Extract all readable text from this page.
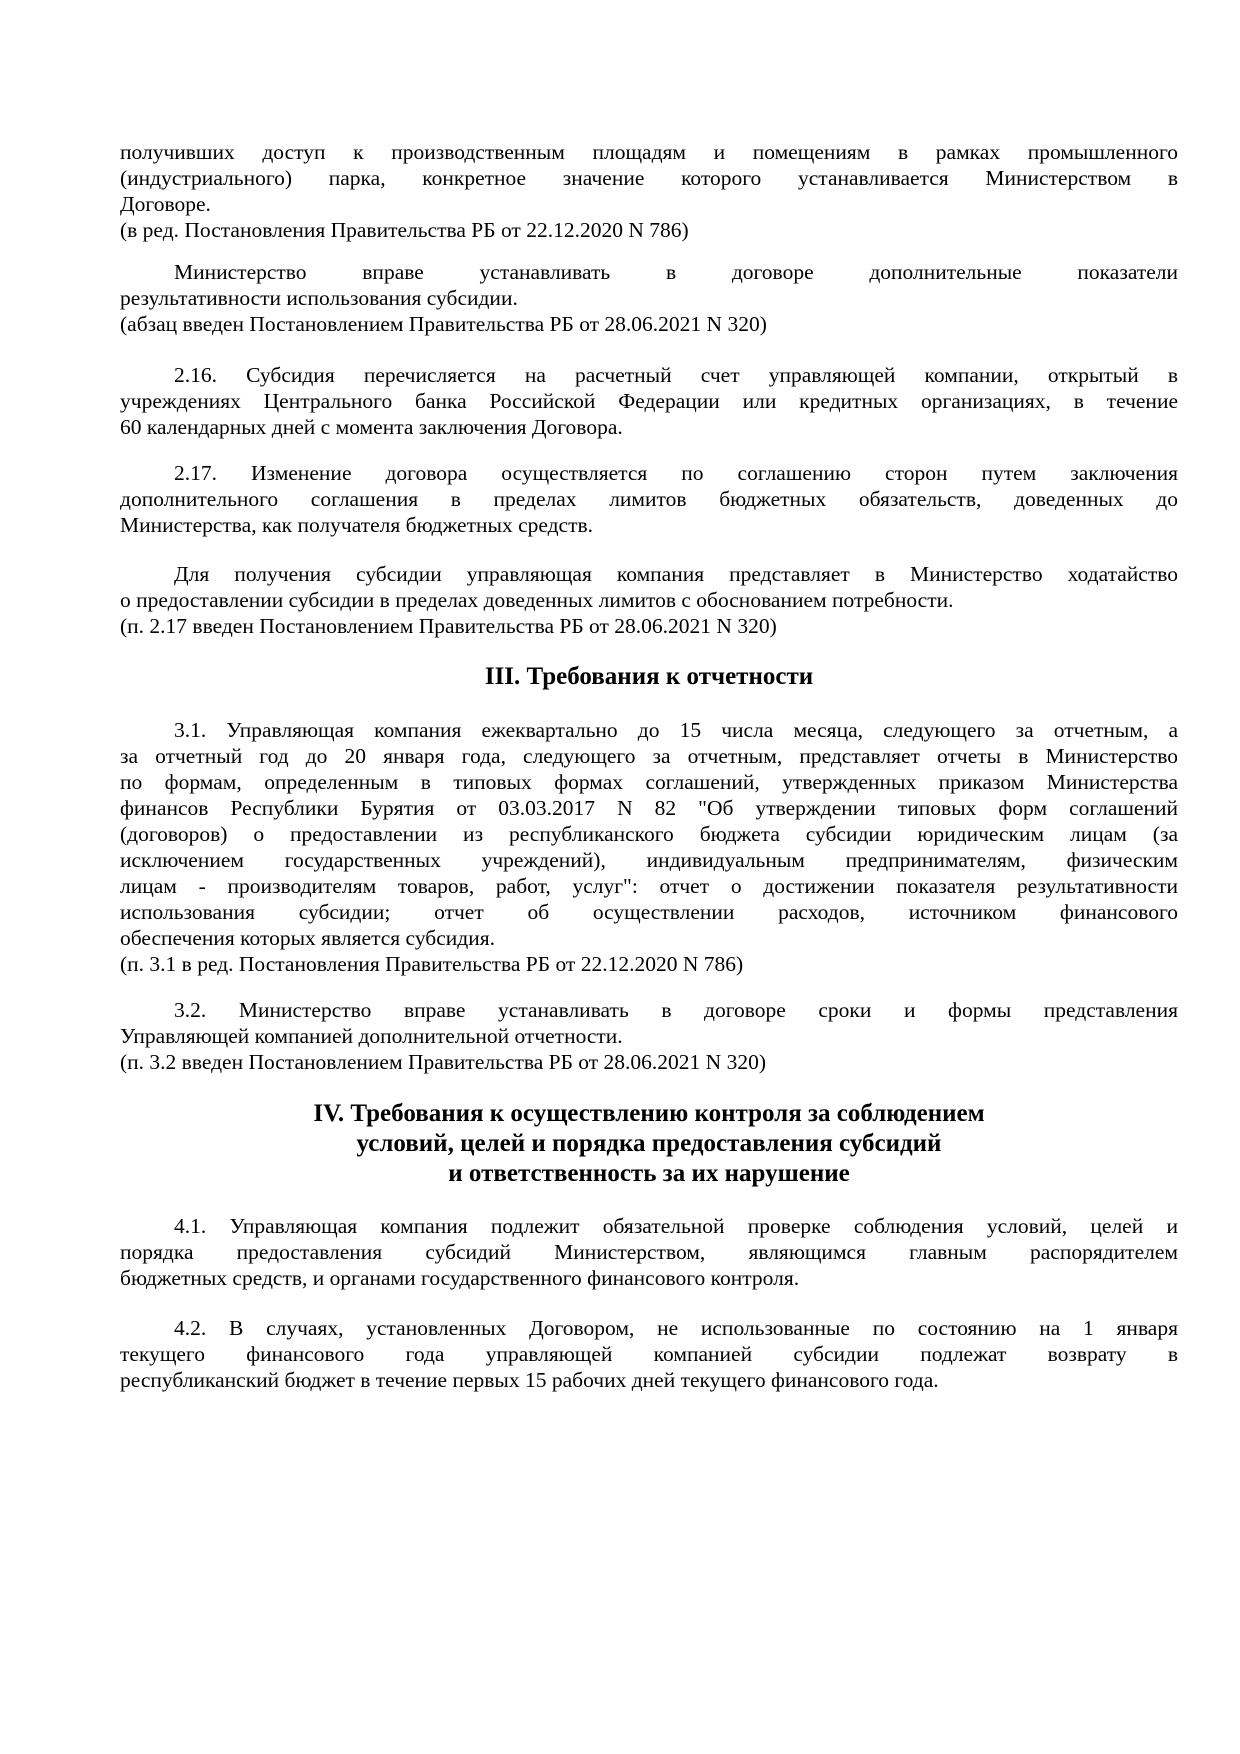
получивших доступ к производственным площадям и помещениям в рамках промышленного
(индустриального) парка, конкретное значение которого устанавливается Министерством в
Договоре.
(в ред. Постановления Правительства РБ от 22.12.2020 N 786)
Министерство вправе устанавливать в договоре дополнительные показатели
результативности использования субсидии.
(абзац введен Постановлением Правительства РБ от 28.06.2021 N 320)
2.16. Субсидия перечисляется на расчетный счет управляющей компании, открытый в
учреждениях Центрального банка Российской Федерации или кредитных организациях, в течение
60 календарных дней с момента заключения Договора.
2.17. Изменение договора осуществляется по соглашению сторон путем заключения
дополнительного соглашения в пределах лимитов бюджетных обязательств, доведенных до
Министерства, как получателя бюджетных средств.
Для получения субсидии управляющая компания представляет в Министерство ходатайство
о предоставлении субсидии в пределах доведенных лимитов с обоснованием потребности.
(п. 2.17 введен Постановлением Правительства РБ от 28.06.2021 N 320)
III. Требования к отчетности
3.1. Управляющая компания ежеквартально до 15 числа месяца, следующего за отчетным, а
за отчетный год до 20 января года, следующего за отчетным, представляет отчеты в Министерство
по формам, определенным в типовых формах соглашений, утвержденных приказом Министерства
финансов Республики Бурятия от 03.03.2017 N 82 "Об утверждении типовых форм соглашений
(договоров) о предоставлении из республиканского бюджета субсидии юридическим лицам (за
исключением государственных учреждений), индивидуальным предпринимателям, физическим
лицам - производителям товаров, работ, услуг": отчет о достижении показателя результативности
использования субсидии; отчет об осуществлении расходов, источником финансового
обеспечения которых является субсидия.
(п. 3.1 в ред. Постановления Правительства РБ от 22.12.2020 N 786)
3.2. Министерство вправе устанавливать в договоре сроки и формы представления
Управляющей компанией дополнительной отчетности.
(п. 3.2 введен Постановлением Правительства РБ от 28.06.2021 N 320)
IV. Требования к осуществлению контроля за соблюдением
условий, целей и порядка предоставления субсидий
и ответственность за их нарушение
4.1. Управляющая компания подлежит обязательной проверке соблюдения условий, целей и
порядка предоставления субсидий Министерством, являющимся главным распорядителем
бюджетных средств, и органами государственного финансового контроля.
4.2. В случаях, установленных Договором, не использованные по состоянию на 1 января
текущего финансового года управляющей компанией субсидии подлежат возврату в
республиканский бюджет в течение первых 15 рабочих дней текущего финансового года.
